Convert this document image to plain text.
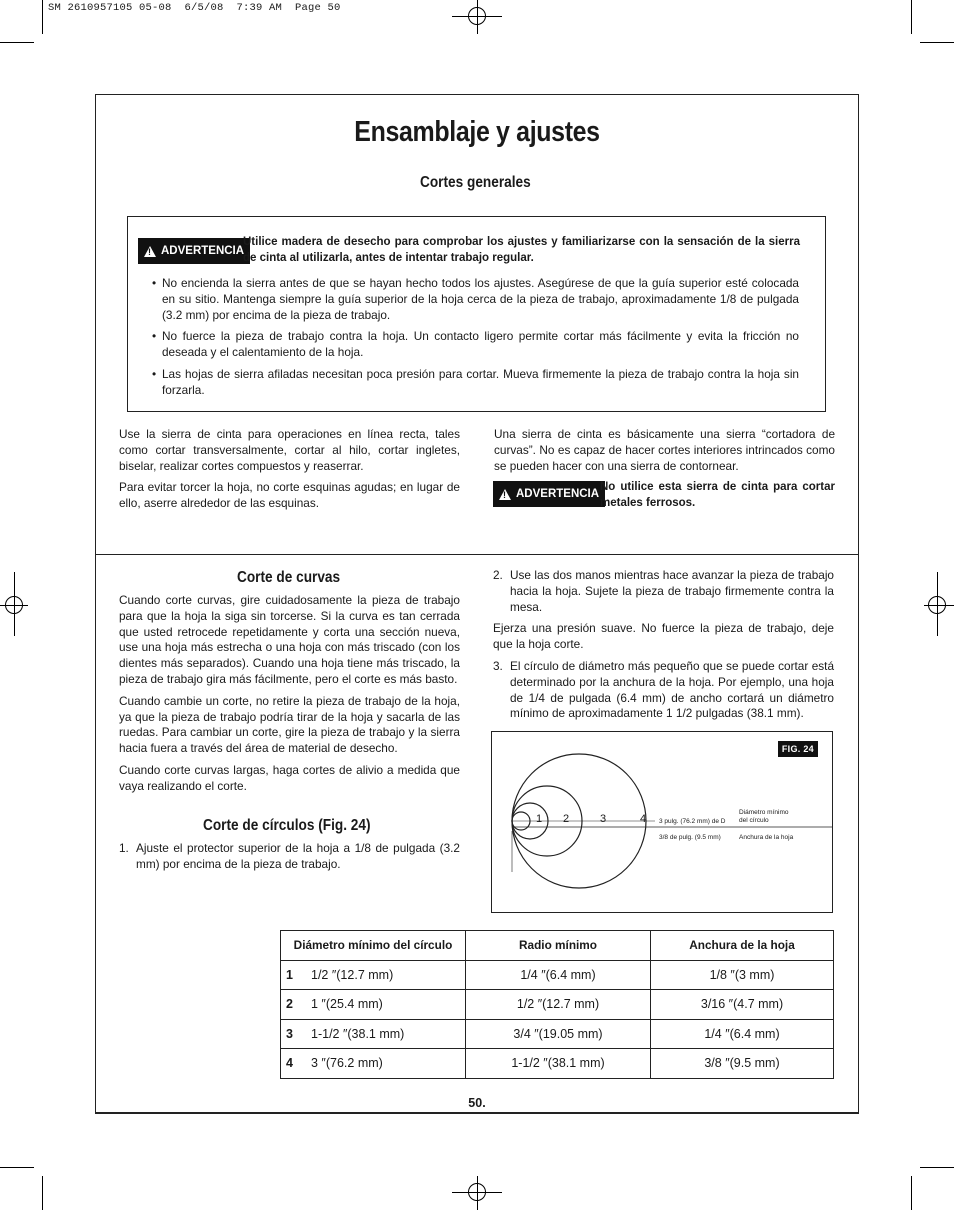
SM 2610957105 05-08  6/5/08  7:39 AM  Page 50
Ensamblaje y ajustes
Cortes generales
!
ADVERTENCIA
Utilice madera de desecho para comprobar los ajustes y familiarizarse con la sensación de la sierra de cinta al utilizarla, antes de intentar trabajo regular.
• No encienda la sierra antes de que se hayan hecho todos los ajustes. Asegúrese de que la guía superior esté colocada en su sitio. Mantenga siempre la guía superior de la hoja cerca de la pieza de trabajo, aproximadamente 1/8 de pulgada (3.2 mm) por encima de la pieza de trabajo.
• No fuerce la pieza de trabajo contra la hoja. Un contacto ligero permite cortar más fácilmente y evita la fricción no deseada y el calentamiento de la hoja.
• Las hojas de sierra afiladas necesitan poca presión para cortar. Mueva firmemente la pieza de trabajo contra la hoja sin forzarla.

Use la sierra de cinta para operaciones en línea recta, tales como cortar transversalmente, cortar al hilo, cortar ingletes, biselar, realizar cortes compuestos y reaserrar.

Para evitar torcer la hoja, no corte esquinas agudas; en lugar de ello, aserre alrededor de las esquinas.

Una sierra de cinta es básicamente una sierra “cortadora de curvas”. No es capaz de hacer cortes interiores intrincados como se pueden hacer con una sierra de contornear.
!
ADVERTENCIA
No utilice esta sierra de cinta para cortar metales ferrosos.
Corte de curvas

Cuando corte curvas, gire cuidadosamente la pieza de trabajo para que la hoja la siga sin torcerse. Si la curva es tan cerrada que usted retrocede repetidamente y corta una sección nueva, use una hoja más estrecha o una hoja con más triscado (con los dientes más separados). Cuando una hoja tiene más triscado, la pieza de trabajo gira más fácilmente, pero el corte es más basto.

Cuando cambie un corte, no retire la pieza de trabajo de la hoja, ya que la pieza de trabajo podría tirar de la hoja y sacarla de las ruedas. Para cambiar un corte, gire la pieza de trabajo y la sierra hacia fuera a través del área de material de desecho.

Cuando corte curvas largas, haga cortes de alivio a medida que vaya realizando el corte.

Corte de círculos (Fig. 24)

1. Ajuste el protector superior de la hoja a 1/8 de pulgada (3.2 mm) por encima de la pieza de trabajo.

2. Use las dos manos mientras hace avanzar la pieza de trabajo hacia la hoja. Sujete la pieza de trabajo firmemente contra la mesa.

Ejerza una presión suave. No fuerce la pieza de trabajo, deje que la hoja corte.

3. El círculo de diámetro más pequeño que se puede cortar está determinado por la anchura de la hoja. Por ejemplo, una hoja de 1/4 de pulgada (6.4 mm) de ancho cortará un diámetro mínimo de aproximadamente 1 1/2 pulgadas (38.1 mm).

FIG. 24
1 2	3	4
Diámetro mínimo
del círculo
3 pulg. (76.2 mm) de D
3/8 de pulg. (9.5 mm)	Anchura de la hoja
Diámetro mínimo del círculo	Radio mínimo	Anchura de la hoja
1 1/2 ″(12.7 mm)	1/4 ″(6.4 mm)	1/8 ″(3 mm)
2 1 ″(25.4 mm)	1/2 ″(12.7 mm)	3/16 ″(4.7 mm)
3 1-1/2 ″(38.1 mm)	3/4 ″(19.05 mm)	1/4 ″(6.4 mm)
4 3 ″(76.2 mm)	1-1/2 ″(38.1 mm)	3/8 ″(9.5 mm)
50.
